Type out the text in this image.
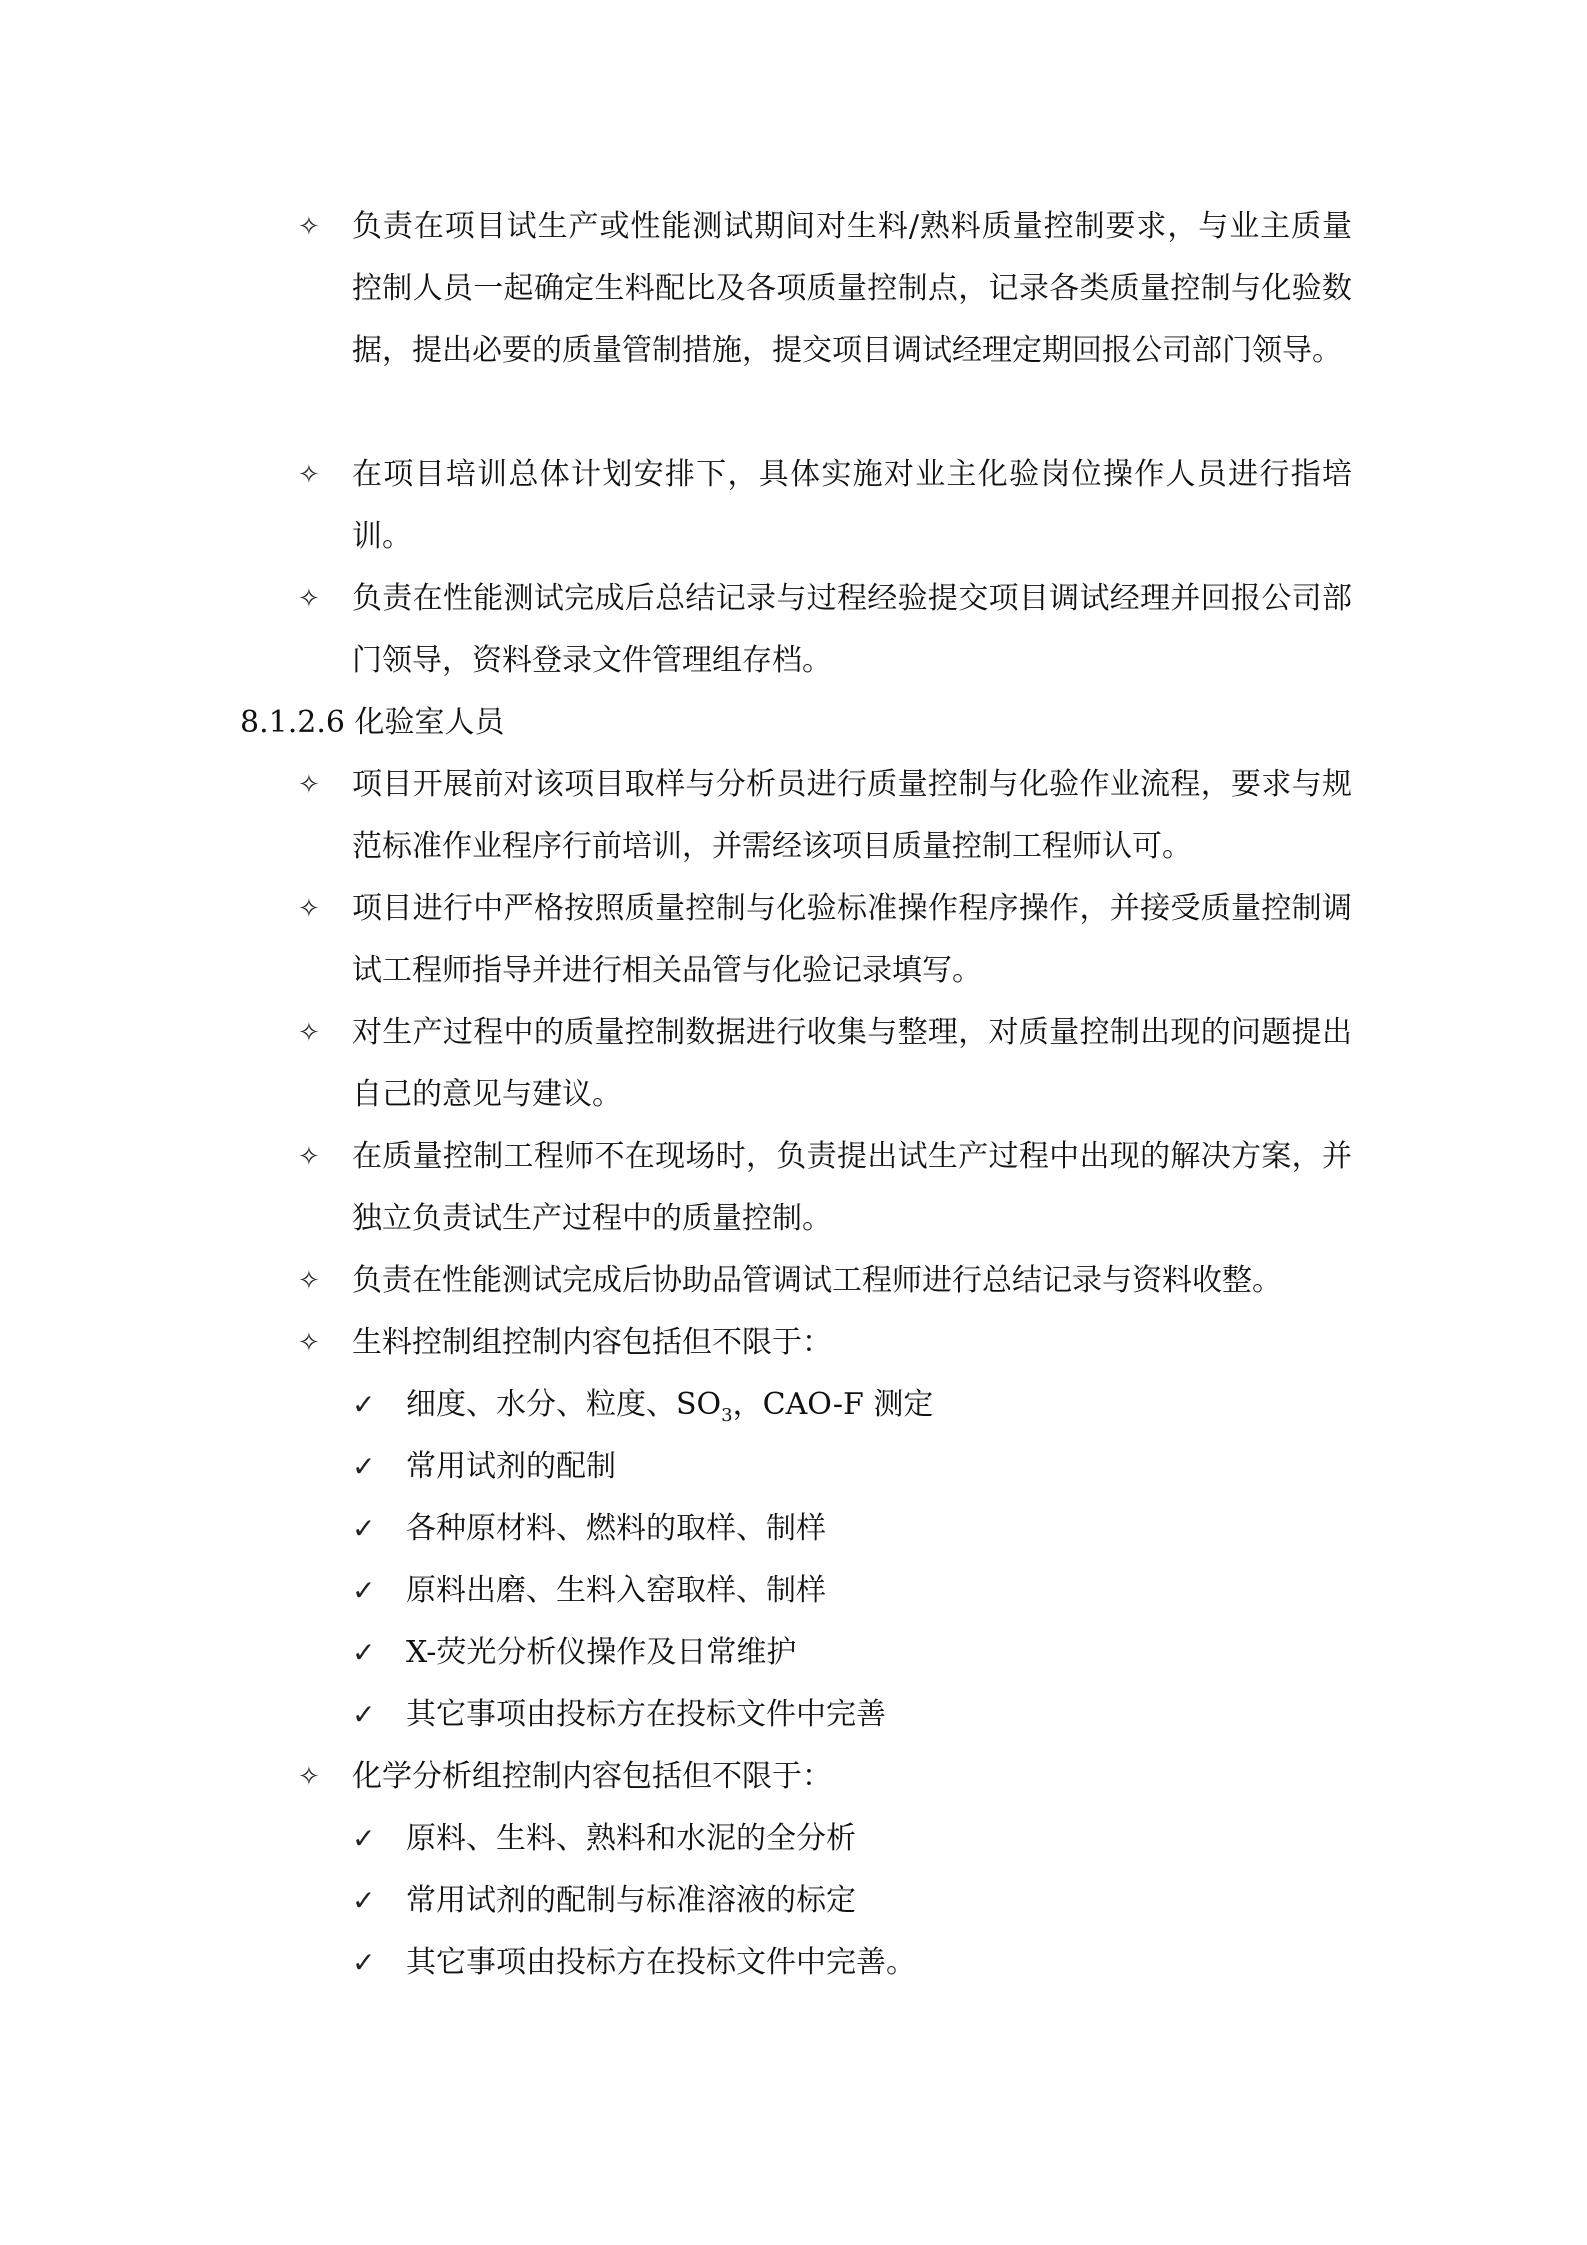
✧ 负责在项目试生产或性能测试期间对生料/熟料质量控制要求，与业主质量控制人员一起确定生料配比及各项质量控制点，记录各类质量控制与化验数据，提出必要的质量管制措施，提交项目调试经理定期回报公司部门领导。
✧ 在项目培训总体计划安排下，具体实施对业主化验岗位操作人员进行指培训。
✧ 负责在性能测试完成后总结记录与过程经验提交项目调试经理并回报公司部门领导，资料登录文件管理组存档。
8.1.2.6 化验室人员
✧ 项目开展前对该项目取样与分析员进行质量控制与化验作业流程，要求与规范标准作业程序行前培训，并需经该项目质量控制工程师认可。
✧ 项目进行中严格按照质量控制与化验标准操作程序操作，并接受质量控制调试工程师指导并进行相关品管与化验记录填写。
✧ 对生产过程中的质量控制数据进行收集与整理，对质量控制出现的问题提出自己的意见与建议。
✧ 在质量控制工程师不在现场时，负责提出试生产过程中出现的解决方案，并独立负责试生产过程中的质量控制。
✧ 负责在性能测试完成后协助品管调试工程师进行总结记录与资料收整。
✧ 生料控制组控制内容包括但不限于：
✓ 细度、水分、粒度、$SO_3$，CAO-F 测定
✓ 常用试剂的配制
✓ 各种原材料、燃料的取样、制样
✓ 原料出磨、生料入窑取样、制样
✓ X-荧光分析仪操作及日常维护
✓ 其它事项由投标方在投标文件中完善
✧ 化学分析组控制内容包括但不限于：
✓ 原料、生料、熟料和水泥的全分析
✓ 常用试剂的配制与标准溶液的标定
✓ 其它事项由投标方在投标文件中完善。
